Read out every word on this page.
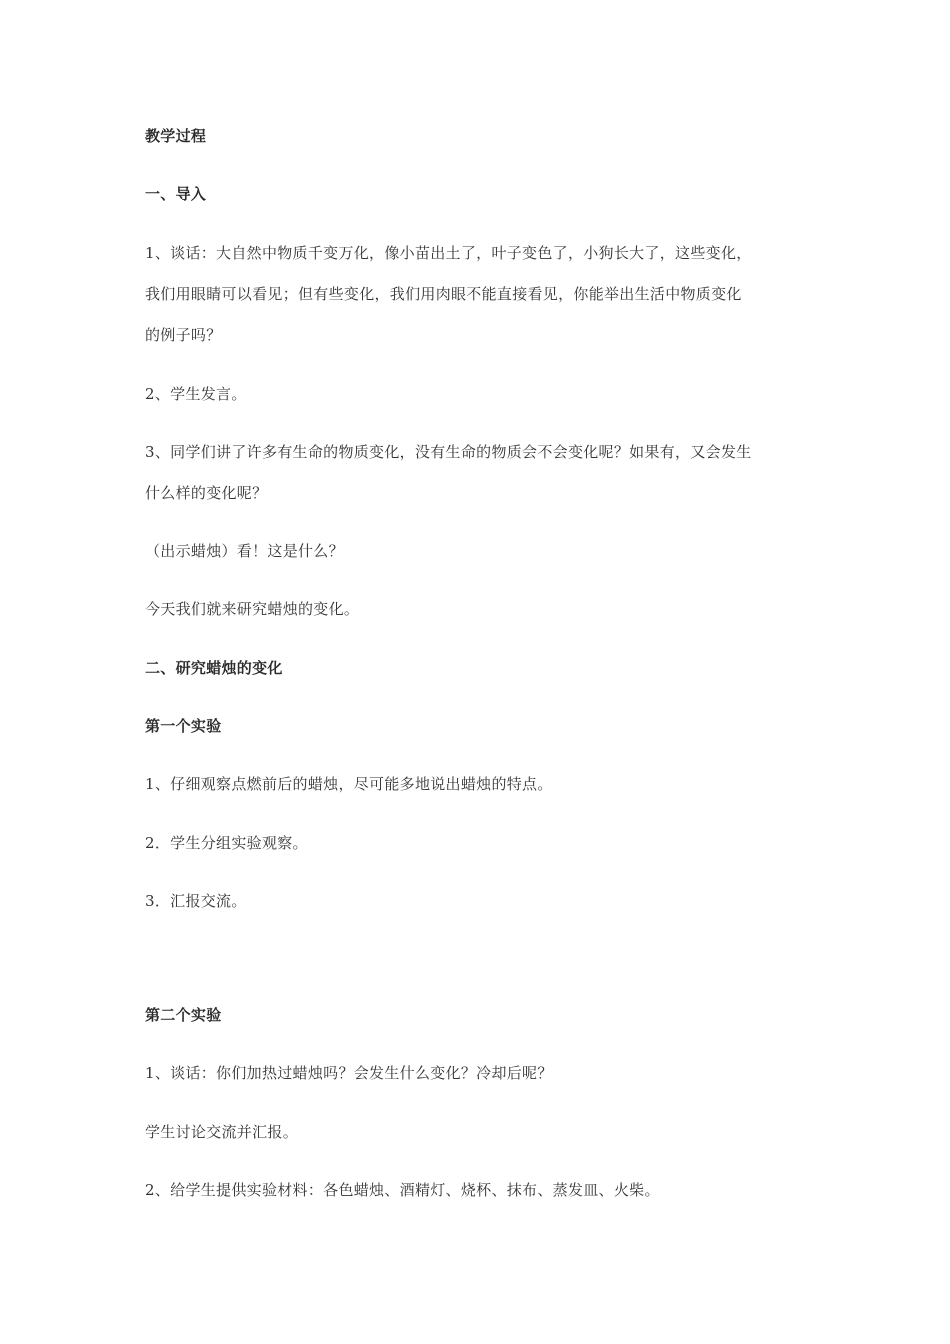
教学过程
一、导入
1、谈话：大自然中物质千变万化，像小苗出土了，叶子变色了，小狗长大了，这些变化，
我们用眼睛可以看见；但有些变化，我们用肉眼不能直接看见，你能举出生活中物质变化
的例子吗？
2、学生发言。
3、同学们讲了许多有生命的物质变化，没有生命的物质会不会变化呢？如果有，又会发生
什么样的变化呢？
（出示蜡烛）看！这是什么？
今天我们就来研究蜡烛的变化。
二、研究蜡烛的变化
第一个实验
1、仔细观察点燃前后的蜡烛，尽可能多地说出蜡烛的特点。
2．学生分组实验观察。
3．汇报交流。
第二个实验
1、谈话：你们加热过蜡烛吗？会发生什么变化？冷却后呢？
学生讨论交流并汇报。
2、给学生提供实验材料：各色蜡烛、酒精灯、烧杯、抹布、蒸发皿、火柴。
